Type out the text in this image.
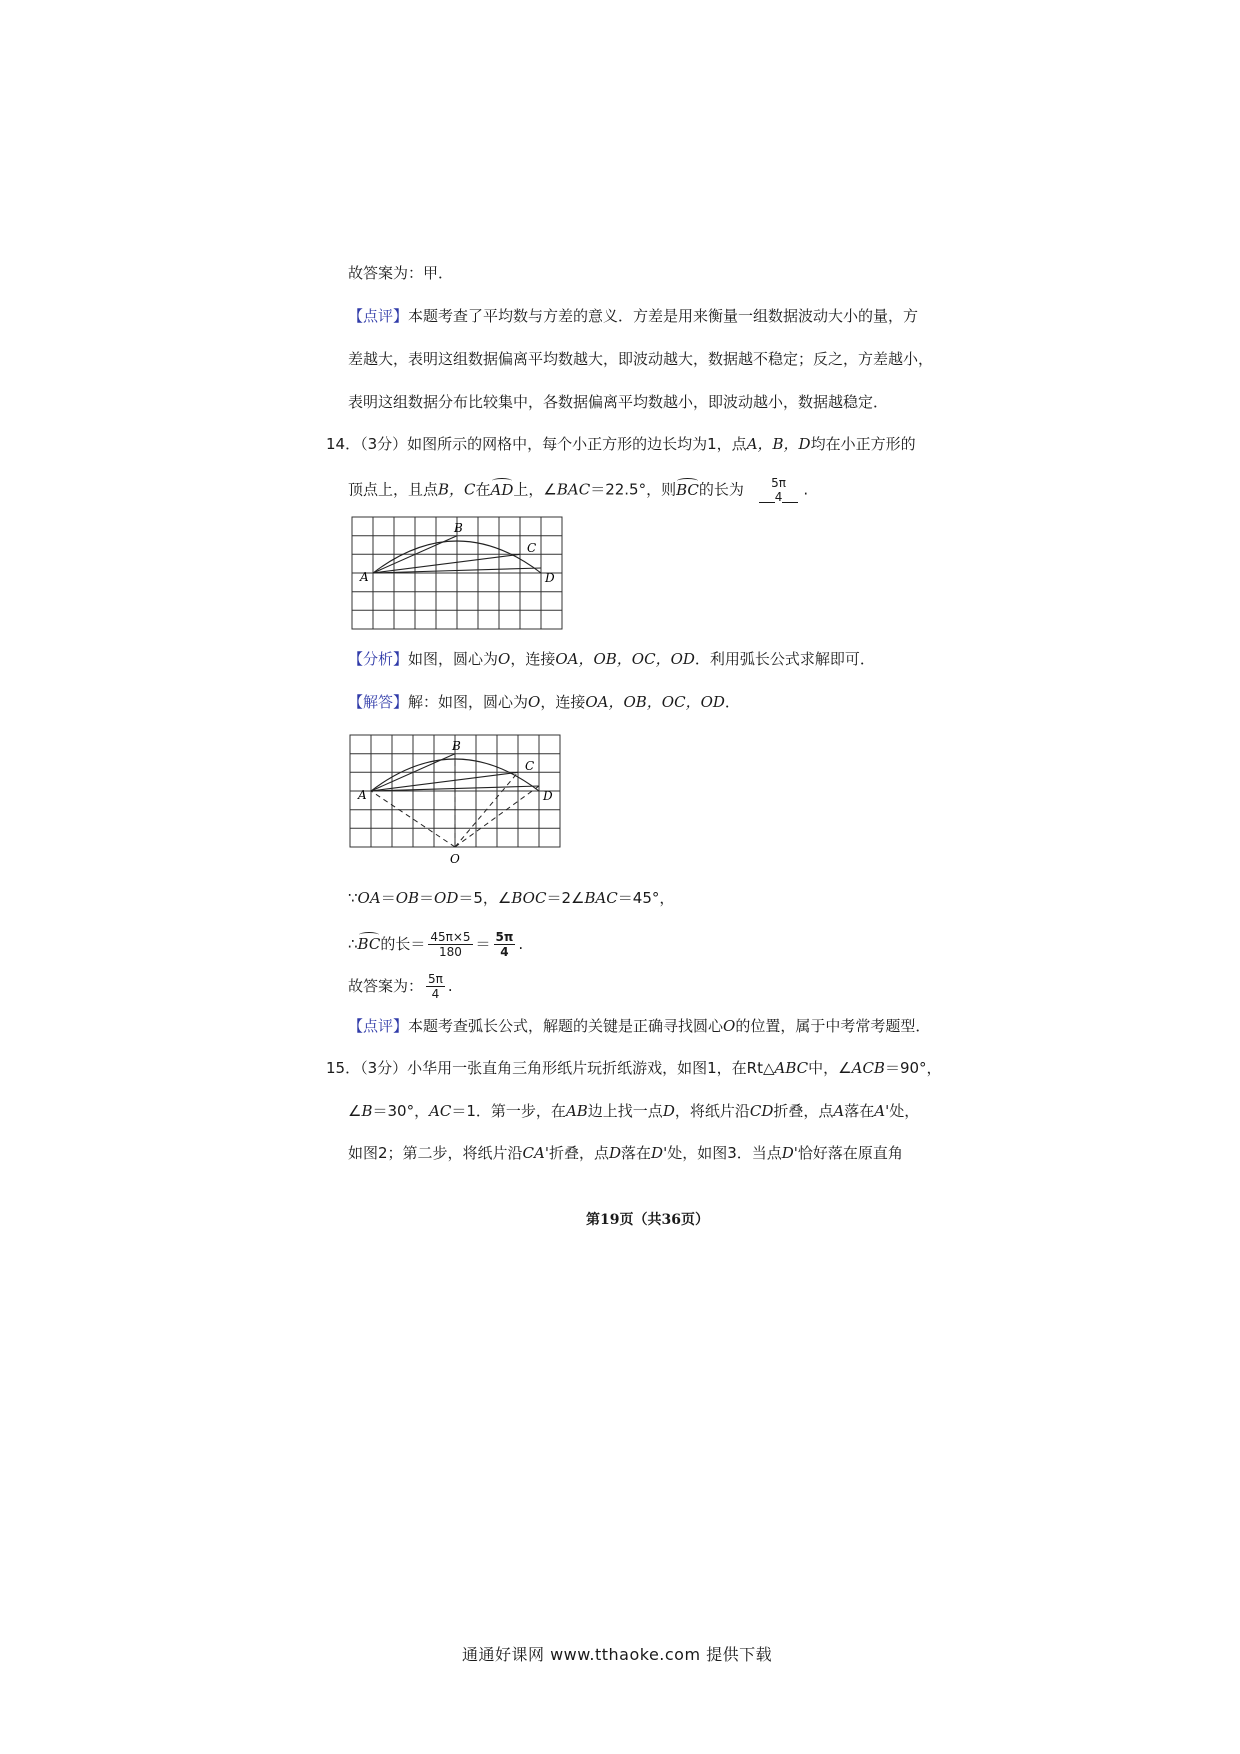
故答案为：甲．
【点评】本题考查了平均数与方差的意义．方差是用来衡量一组数据波动大小的量，方
差越大，表明这组数据偏离平均数越大，即波动越大，数据越不稳定；反之，方差越小，
表明这组数据分布比较集中，各数据偏离平均数越小，即波动越小，数据越稳定．
14．（3分）如图所示的网格中，每个小正方形的边长均为1，点A，B，D均在小正方形的
顶点上，且点B，C在AD上，∠BAC＝22.5°，则BC的长为	5π
4	.
B
C
A	D
【分析】如图，圆心为O，连接OA，OB，OC，OD．利用弧长公式求解即可．
【解答】解：如图，圆心为O，连接OA，OB，OC，OD．
B
C
A	D
O
∵OA＝OB＝OD＝5，∠BOC＝2∠BAC＝45°，
∴BC的长＝ $\frac{45\pi\times 5}{180} = \frac{5\pi}{4}$ .
故答案为： $\frac{5\pi}{4}$ .
【点评】本题考查弧长公式，解题的关键是正确寻找圆心O的位置，属于中考常考题型．
15．（3分）小华用一张直角三角形纸片玩折纸游戏，如图1，在Rt△ABC中，∠ACB＝90°，
∠B＝30°，AC＝1．第一步，在AB边上找一点D，将纸片沿CD折叠，点A落在A'处，
如图2；第二步，将纸片沿CA'折叠，点D落在D'处，如图3．当点D'恰好落在原直角
第19页（共36页）
通通好课网 www.tthaoke.com 提供下载
